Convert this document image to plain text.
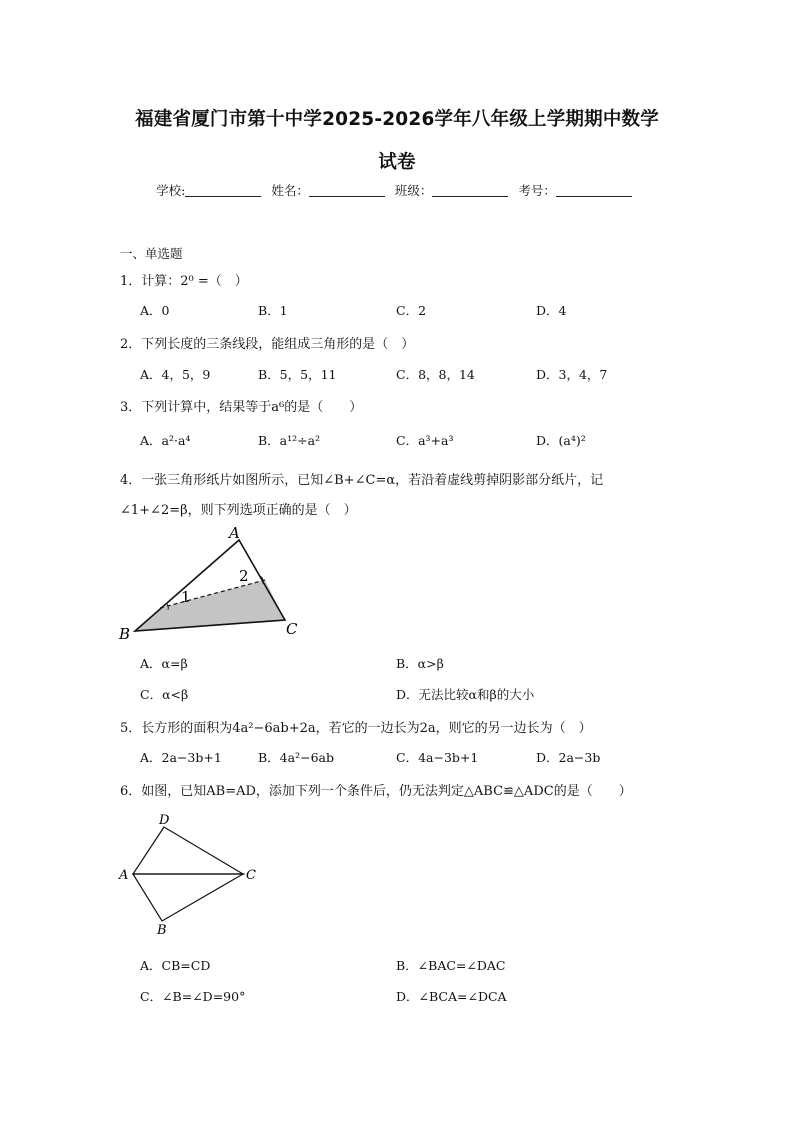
福建省厦门市第十中学2025-2026学年八年级上学期期中数学
试卷
学校:	姓名：	班级：	考号：
一、单选题
1．计算：2⁰ =（　）
A．0	B．1	C．2	D．4
2．下列长度的三条线段，能组成三角形的是（　）
A．4，5，9	B．5，5，11	C．8，8，14	D．3，4，7
3．下列计算中，结果等于a⁶的是（　　）
A．a²·a⁴	B．a¹²÷a²	C．a³+a³	D．(a⁴)²
4．一张三角形纸片如图所示，已知∠B+∠C=α，若沿着虚线剪掉阴影部分纸片，记
∠1+∠2=β，则下列选项正确的是（　）
A
B	C
1
2
A．α=β	B．α>β
C．α<β	D．无法比较α和β的大小
5．长方形的面积为4a²−6ab+2a，若它的一边长为2a，则它的另一边长为（　）
A．2a−3b+1	B．4a²−6ab	C．4a−3b+1	D．2a−3b
6．如图，已知AB=AD，添加下列一个条件后，仍无法判定△ABC≌△ADC的是（　　）
D
A	C
B
A．CB=CD	B．∠BAC=∠DAC
C．∠B=∠D=90°	D．∠BCA=∠DCA
